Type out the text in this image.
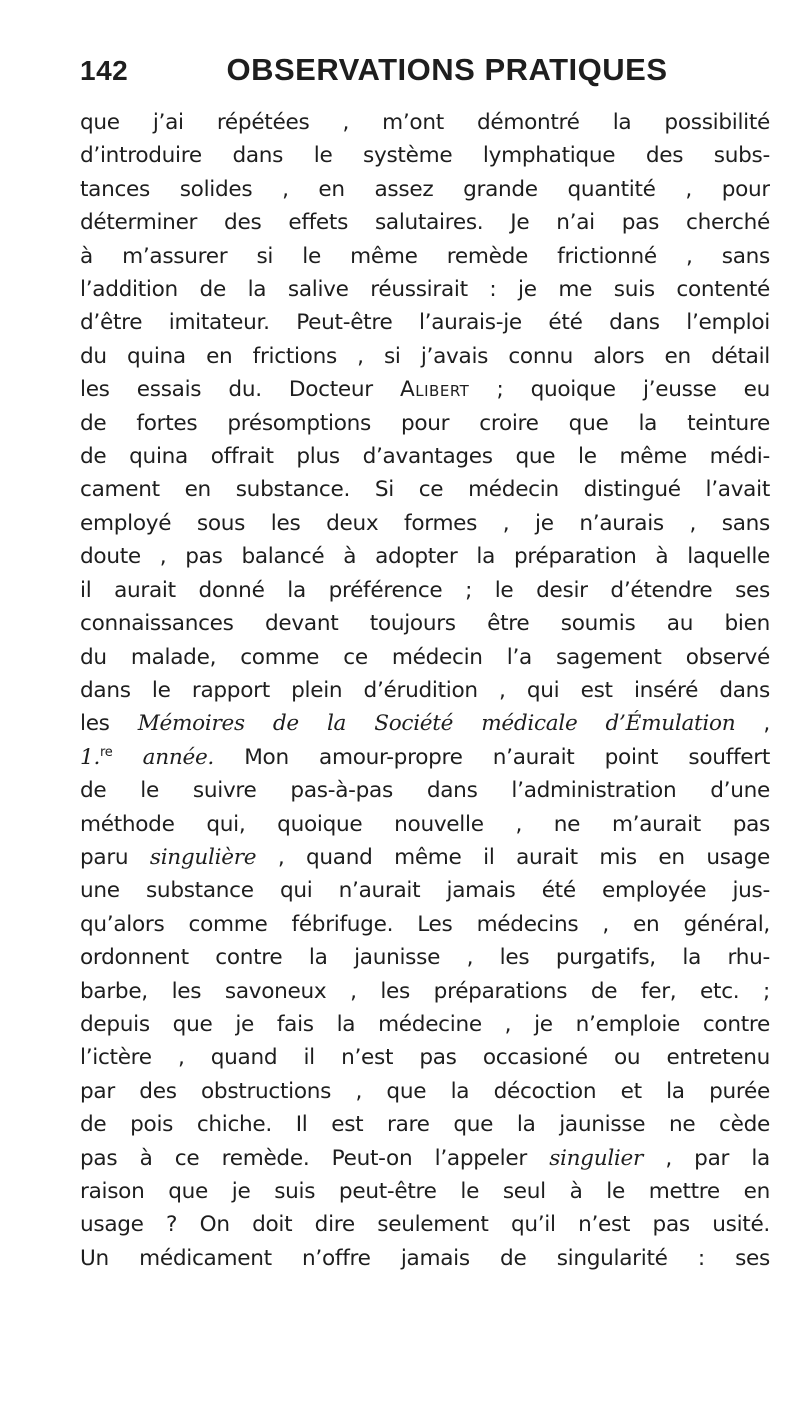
142	OBSERVATIONS PRATIQUES
que j’ai répétées , m’ont démontré la possibilité
d’introduire dans le système lymphatique des subs-
tances solides , en assez grande quantité , pour
déterminer des effets salutaires. Je n’ai pas cherché
à m’assurer si le même remède frictionné , sans
l’addition de la salive réussirait : je me suis contenté
d’être imitateur. Peut-être l’aurais-je été dans l’emploi
du quina en frictions , si j’avais connu alors en détail
les essais du. Docteur Alibert ; quoique j’eusse eu
de fortes présomptions pour croire que la teinture
de quina offrait plus d’avantages que le même médi-
cament en substance. Si ce médecin distingué l’avait
employé sous les deux formes , je n’aurais , sans
doute , pas balancé à adopter la préparation à laquelle
il aurait donné la préférence ; le desir d’étendre ses
connaissances devant toujours être soumis au bien
du malade, comme ce médecin l’a sagement observé
dans le rapport plein d’érudition , qui est inséré dans
les Mémoires de la Société médicale d’Émulation ,
1.$^{re}$ année. Mon amour-propre n’aurait point souffert
de le suivre pas-à-pas dans l’administration d’une
méthode qui, quoique nouvelle , ne m’aurait pas
paru singulière , quand même il aurait mis en usage
une substance qui n’aurait jamais été employée jus-
qu’alors comme fébrifuge. Les médecins , en général,
ordonnent contre la jaunisse , les purgatifs, la rhu-
barbe, les savoneux , les préparations de fer, etc. ;
depuis que je fais la médecine , je n’emploie contre
l’ictère , quand il n’est pas occasioné ou entretenu
par des obstructions , que la décoction et la purée
de pois chiche. Il est rare que la jaunisse ne cède
pas à ce remède. Peut-on l’appeler singulier , par la
raison que je suis peut-être le seul à le mettre en
usage ? On doit dire seulement qu’il n’est pas usité.
Un médicament n’offre jamais de singularité : ses
